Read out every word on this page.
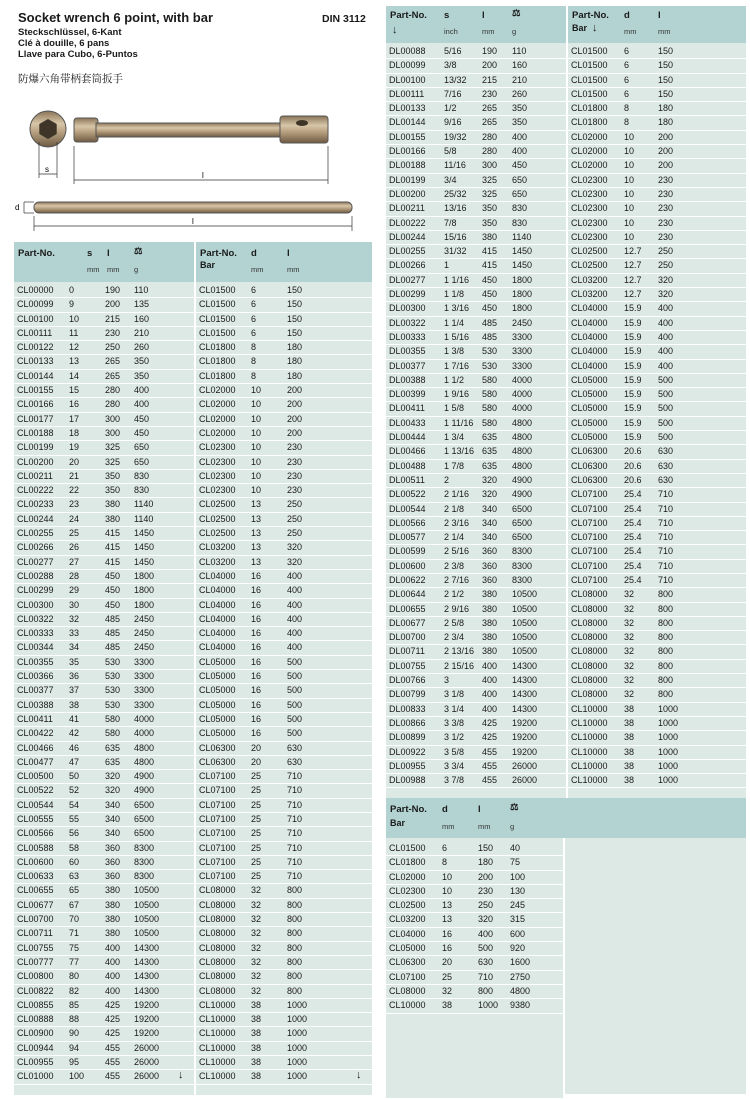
Socket wrench 6 point, with bar	DIN 3112
Steckschlüssel, 6-Kant
Clé à douille, 6 pans
Llave para Cubo, 6-Puntos
防爆六角带柄套筒扳手
s
l
d
l
Part-No.	s l	⚖
mm mm g
CL00000 0	190 110
CL00099 9	200 135
CL00100 10	215 160
CL00111 11	230 210
CL00122 12	250 260
CL00133 13	265 350
CL00144 14	265 350
CL00155 15	280 400
CL00166 16	280 400
CL00177 17	300 450
CL00188 18	300 450
CL00199 19	325 650
CL00200 20	325 650
CL00211 21	350 830
CL00222 22	350 830
CL00233 23	380 1140
CL00244 24	380 1140
CL00255 25	415 1450
CL00266 26	415 1450
CL00277 27	415 1450
CL00288 28	450 1800
CL00299 29	450 1800
CL00300 30	450 1800
CL00322 32	485 2450
CL00333 33	485 2450
CL00344 34	485 2450
CL00355 35	530 3300
CL00366 36	530 3300
CL00377 37	530 3300
CL00388 38	530 3300
CL00411 41	580 4000
CL00422 42	580 4000
CL00466 46	635 4800
CL00477 47	635 4800
CL00500 50	320 4900
CL00522 52	320 4900
CL00544 54	340 6500
CL00555 55	340 6500
CL00566 56	340 6500
CL00588 58	360 8300
CL00600 60	360 8300
CL00633 63	360 8300
CL00655 65	380 10500
CL00677 67	380 10500
CL00700 70	380 10500
CL00711 71	380 10500
CL00755 75	400 14300
CL00777 77	400 14300
CL00800 80	400 14300
CL00822 82	400 14300
CL00855 85	425 19200
CL00888 88	425 19200
CL00900 90	425 19200
CL00944 94	455 26000
CL00955 95	455 26000
CL01000 100 455 26000 ↓
Part-No.
Bar
d	l
mm	mm
CL01500 6	150
CL01500 6	150
CL01500 6	150
CL01500 6	150
CL01800 8	180
CL01800 8	180
CL01800 8	180
CL02000 10	200
CL02000 10	200
CL02000 10	200
CL02000 10	200
CL02300 10	230
CL02300 10	230
CL02300 10	230
CL02300 10	230
CL02500 13	250
CL02500 13	250
CL02500 13	250
CL03200 13	320
CL03200 13	320
CL04000 16	400
CL04000 16	400
CL04000 16	400
CL04000 16	400
CL04000 16	400
CL04000 16	400
CL05000 16	500
CL05000 16	500
CL05000 16	500
CL05000 16	500
CL05000 16	500
CL05000 16	500
CL06300 20	630
CL06300 20	630
CL07100 25	710
CL07100 25	710
CL07100 25	710
CL07100 25	710
CL07100 25	710
CL07100 25	710
CL07100 25	710
CL07100 25	710
CL08000 32	800
CL08000 32	800
CL08000 32	800
CL08000 32	800
CL08000 32	800
CL08000 32	800
CL08000 32	800
CL08000 32	800
CL10000 38	1000
CL10000 38	1000
CL10000 38	1000
CL10000 38	1000
CL10000 38	1000
CL10000 38	1000	↓
Part-No.
↓
s	l	⚖
inch	mm g
DL00088 5/16 190 110
DL00099 3/8	200 160
DL00100 13/32 215 210
DL00111 7/16 230 260
DL00133 1/2	265 350
DL00144 9/16 265 350
DL00155 19/32 280 400
DL00166 5/8	280 400
DL00188 11/16 300 450
DL00199 3/4	325 650
DL00200 25/32 325 650
DL00211 13/16 350 830
DL00222 7/8	350 830
DL00244 15/16 380 1140
DL00255 31/32 415 1450
DL00266 1	415 1450
DL00277 1 1/16 450 1800
DL00299 1 1/8 450 1800
DL00300 1 3/16 450 1800
DL00322 1 1/4 485 2450
DL00333 1 5/16 485 3300
DL00355 1 3/8 530 3300
DL00377 1 7/16 530 3300
DL00388 1 1/2 580 4000
DL00399 1 9/16 580 4000
DL00411 1 5/8 580 4000
DL00433 1 11/16 580 4800
DL00444 1 3/4 635 4800
DL00466 1 13/16 635 4800
DL00488 1 7/8 635 4800
DL00511 2	320 4900
DL00522 2 1/16 320 4900
DL00544 2 1/8 340 6500
DL00566 2 3/16 340 6500
DL00577 2 1/4 340 6500
DL00599 2 5/16 360 8300
DL00600 2 3/8 360 8300
DL00622 2 7/16 360 8300
DL00644 2 1/2 380 10500
DL00655 2 9/16 380 10500
DL00677 2 5/8 380 10500
DL00700 2 3/4 380 10500
DL00711 2 13/16 380 10500
DL00755 2 15/16 400 14300
DL00766 3	400 14300
DL00799 3 1/8 400 14300
DL00833 3 1/4 400 14300
DL00866 3 3/8 425 19200
DL00899 3 1/2 425 19200
DL00922 3 5/8 455 19200
DL00955 3 3/4 455 26000
DL00988 3 7/8 455 26000
Part-No.
Bar ↓
d	l
mm	mm
CL01500 6	150
CL01500 6	150
CL01500 6	150
CL01500 6	150
CL01800 8	180
CL01800 8	180
CL02000 10	200
CL02000 10	200
CL02000 10	200
CL02300 10	230
CL02300 10	230
CL02300 10	230
CL02300 10	230
CL02300 10	230
CL02500 12.7 250
CL02500 12.7 250
CL03200 12.7 320
CL03200 12.7 320
CL04000 15.9 400
CL04000 15.9 400
CL04000 15.9 400
CL04000 15.9 400
CL04000 15.9 400
CL05000 15.9 500
CL05000 15.9 500
CL05000 15.9 500
CL05000 15.9 500
CL05000 15.9 500
CL06300 20.6 630
CL06300 20.6 630
CL06300 20.6 630
CL07100 25.4 710
CL07100 25.4 710
CL07100 25.4 710
CL07100 25.4 710
CL07100 25.4 710
CL07100 25.4 710
CL07100 25.4 710
CL08000 32	800
CL08000 32	800
CL08000 32	800
CL08000 32	800
CL08000 32	800
CL08000 32	800
CL08000 32	800
CL08000 32	800
CL10000 38	1000
CL10000 38	1000
CL10000 38	1000
CL10000 38	1000
CL10000 38	1000
CL10000 38	1000
Part-No.
Bar
d	l	⚖
mm	mm	g
CL01500 6	150 40
CL01800 8	180 75
CL02000 10	200 100
CL02300 10	230 130
CL02500 13	250 245
CL03200 13	320 315
CL04000 16	400 600
CL05000 16	500 920
CL06300 20	630 1600
CL07100 25	710 2750
CL08000 32	800 4800
CL10000 38	1000 9380
